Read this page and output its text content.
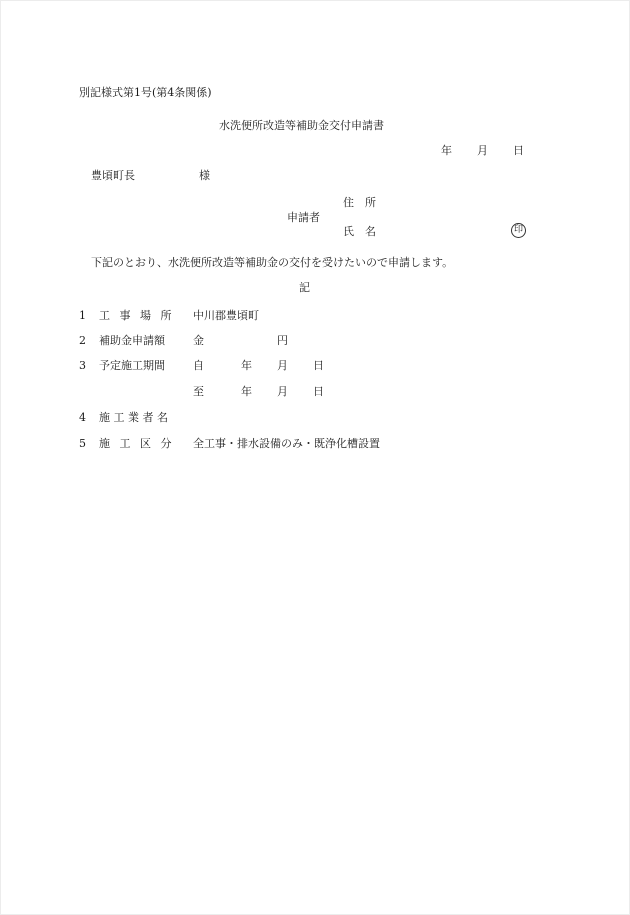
別記様式第1号(第4条関係)
水洗便所改造等補助金交付申請書
年 月 日
豊頃町長	様
住　所
申請者
氏　名	印
下記のとおり、水洗便所改造等補助金の交付を受けたいので申請します。
記
1 工 事 場 所 中川郡豊頃町
2 補助金申請額	金	円
3 予定施工期間	自	年 月 日
至	年 月 日
4 施 工 業 者 名
5 施 工 区 分 全工事・排水設備のみ・既浄化槽設置
